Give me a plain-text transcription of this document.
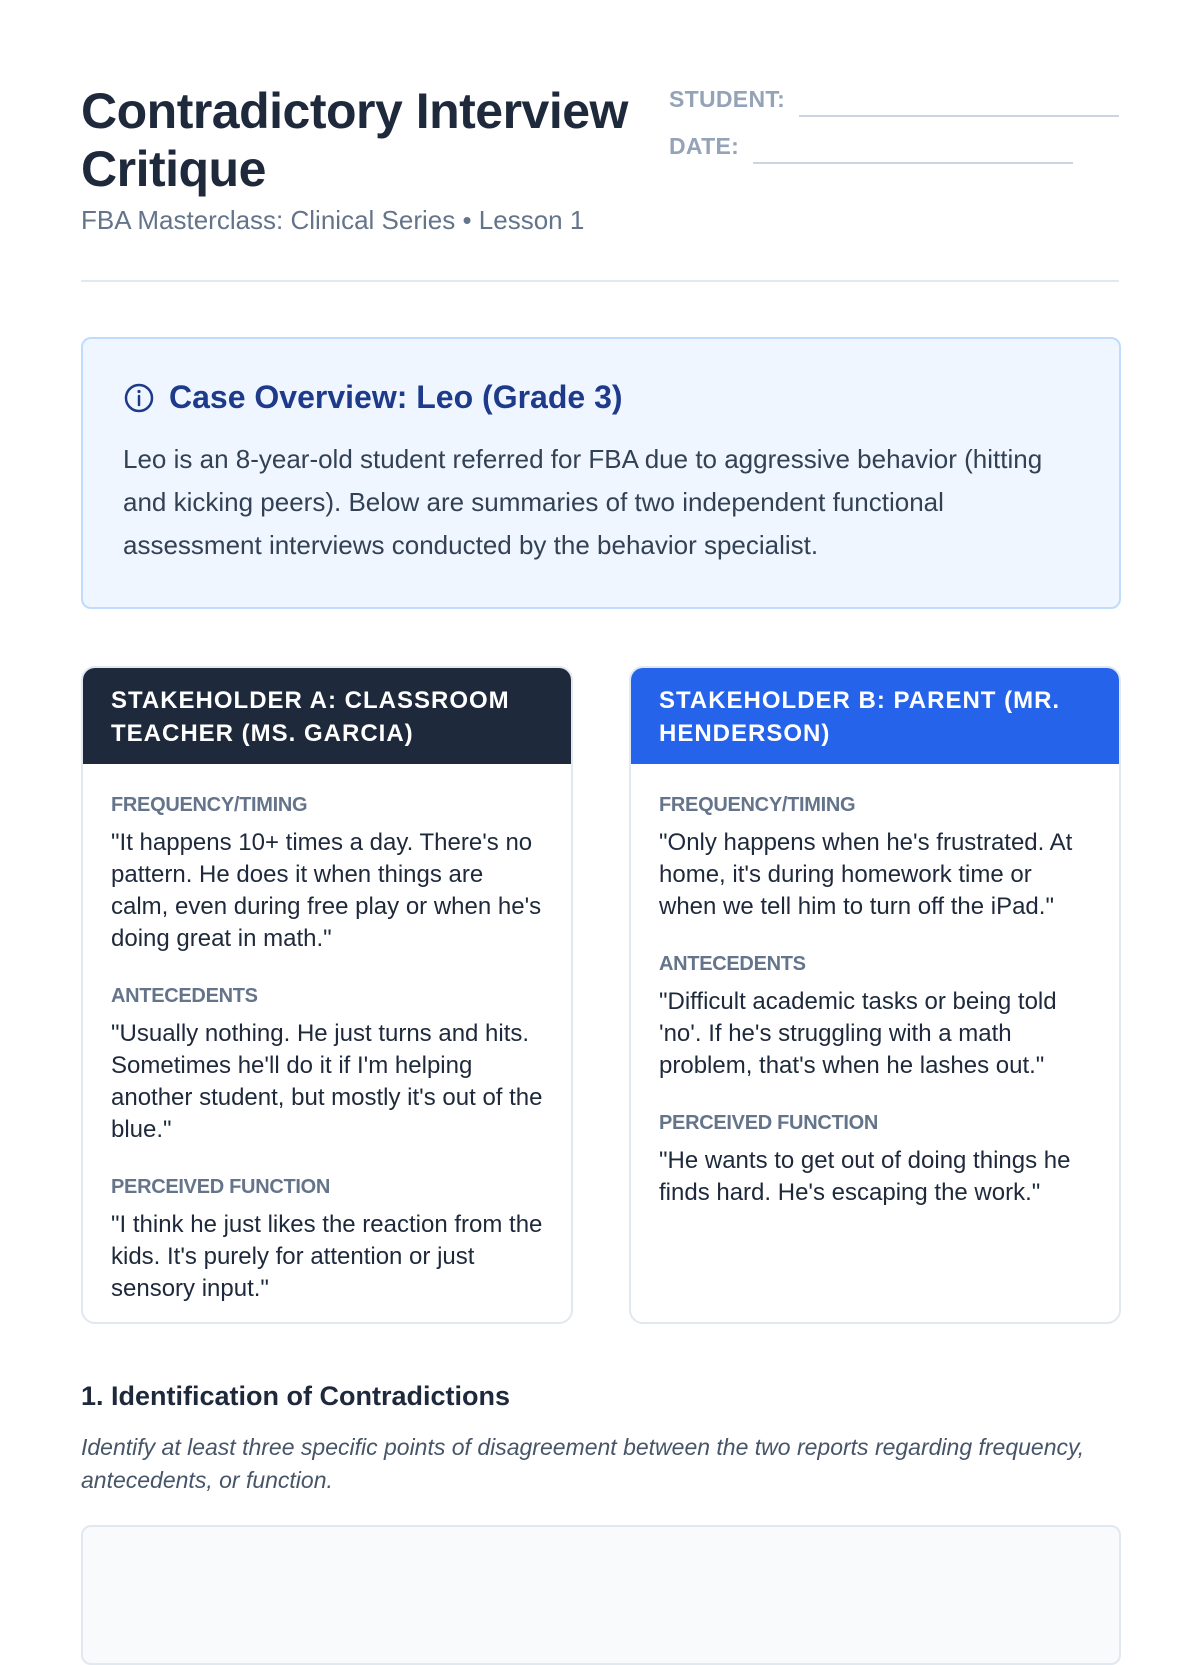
Contradictory Interview Critique
FBA Masterclass: Clinical Series • Lesson 1
STUDENT:
DATE:
Case Overview: Leo (Grade 3)

Leo is an 8-year-old student referred for FBA due to aggressive behavior (hitting and kicking peers). Below are summaries of two independent functional assessment interviews conducted by the behavior specialist.

STAKEHOLDER A: CLASSROOM TEACHER (MS. GARCIA)
FREQUENCY/TIMING
"It happens 10+ times a day. There's no pattern. He does it when things are calm, even during free play or when he's doing great in math."
ANTECEDENTS
"Usually nothing. He just turns and hits. Sometimes he'll do it if I'm helping another student, but mostly it's out of the blue."
PERCEIVED FUNCTION
"I think he just likes the reaction from the kids. It's purely for attention or just sensory input."
STAKEHOLDER B: PARENT (MR. HENDERSON)
FREQUENCY/TIMING
"Only happens when he's frustrated. At home, it's during homework time or when we tell him to turn off the iPad."
ANTECEDENTS
"Difficult academic tasks or being told 'no'. If he's struggling with a math problem, that's when he lashes out."
PERCEIVED FUNCTION
"He wants to get out of doing things he finds hard. He's escaping the work."
1. Identification of Contradictions

Identify at least three specific points of disagreement between the two reports regarding frequency, antecedents, or function.
